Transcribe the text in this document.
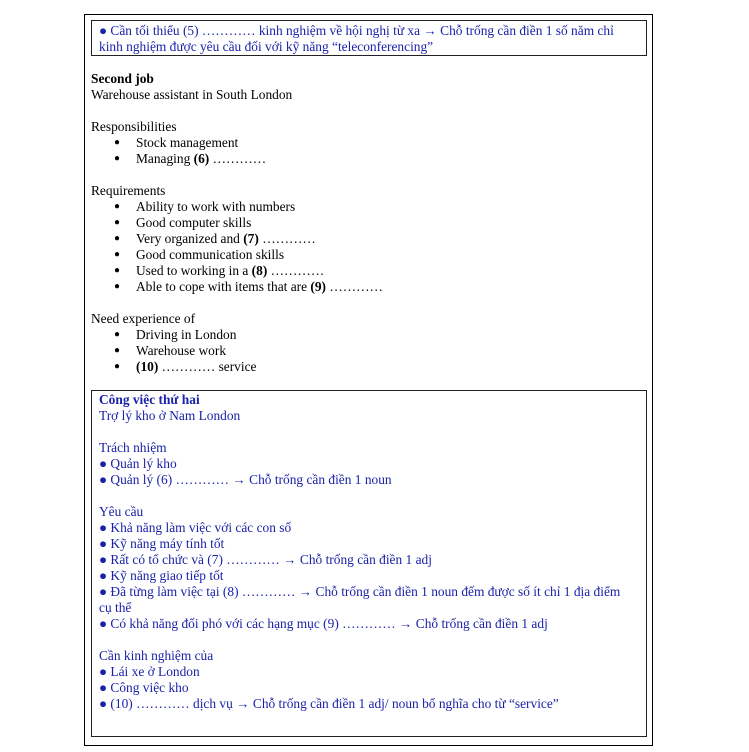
● Cần tối thiểu (5) ………… kinh nghiệm về hội nghị từ xa → Chỗ trống cần điền 1 số năm chỉ
kinh nghiệm được yêu cầu đối với kỹ năng “teleconferencing”
Second job
Warehouse assistant in South London
Responsibilities
● Stock management
● Managing (6) …………
Requirements
● Ability to work with numbers
● Good computer skills
● Very organized and (7) …………
● Good communication skills
● Used to working in a (8) …………
● Able to cope with items that are (9) …………
Need experience of
● Driving in London
● Warehouse work
● (10) ………… service
Công việc thứ hai
Trợ lý kho ở Nam London
Trách nhiệm
● Quản lý kho
● Quản lý (6) ………… → Chỗ trống cần điền 1 noun
Yêu cầu
● Khả năng làm việc với các con số
● Kỹ năng máy tính tốt
● Rất có tổ chức và (7) ………… → Chỗ trống cần điền 1 adj
● Kỹ năng giao tiếp tốt
● Đã từng làm việc tại (8) ………… → Chỗ trống cần điền 1 noun đếm được số ít chỉ 1 địa điểm
cụ thể
● Có khả năng đối phó với các hạng mục (9) ………… → Chỗ trống cần điền 1 adj
Cần kinh nghiệm của
● Lái xe ở London
● Công việc kho
● (10) ………… dịch vụ → Chỗ trống cần điền 1 adj/ noun bổ nghĩa cho từ “service”
